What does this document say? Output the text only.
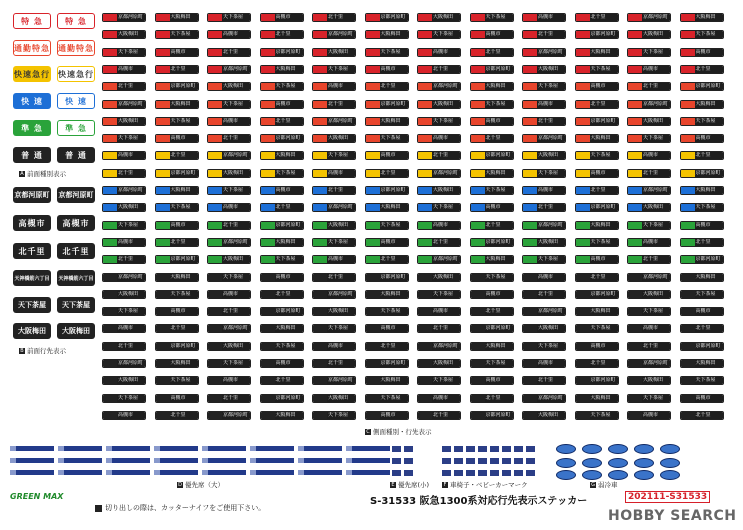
特 急	特 急
通勤特急 通勤特急
快速急行 快速急行
快 速	快 速
準 急	準 急
普 通	普 通
A 前面種別表示
京都河原町 京都河原町
高槻市	高槻市
北千里	北千里
天神橋筋六丁目	天神橋筋六丁目
天下茶屋	天下茶屋
大阪梅田	大阪梅田
B 前面行先表示
京都河原町	大阪梅田	天下茶屋	高槻市	北千里	京都河原町	大阪梅田	天下茶屋	高槻市	北千里	京都河原町	大阪梅田
大阪梅田	天下茶屋	高槻市	北千里	京都河原町	大阪梅田	天下茶屋	高槻市	北千里	京都河原町	大阪梅田	天下茶屋
天下茶屋	高槻市	北千里	京都河原町	大阪梅田	天下茶屋	高槻市	北千里	京都河原町	大阪梅田	天下茶屋	高槻市
高槻市	北千里	京都河原町	大阪梅田	天下茶屋	高槻市	北千里	京都河原町	大阪梅田	天下茶屋	高槻市	北千里
北千里	京都河原町	大阪梅田	天下茶屋	高槻市	北千里	京都河原町	大阪梅田	天下茶屋	高槻市	北千里	京都河原町
京都河原町	大阪梅田	天下茶屋	高槻市	北千里	京都河原町	大阪梅田	天下茶屋	高槻市	北千里	京都河原町	大阪梅田
大阪梅田	天下茶屋	高槻市	北千里	京都河原町	大阪梅田	天下茶屋	高槻市	北千里	京都河原町	大阪梅田	天下茶屋
天下茶屋	高槻市	北千里	京都河原町	大阪梅田	天下茶屋	高槻市	北千里	京都河原町	大阪梅田	天下茶屋	高槻市
高槻市	北千里	京都河原町	大阪梅田	天下茶屋	高槻市	北千里	京都河原町	大阪梅田	天下茶屋	高槻市	北千里
北千里	京都河原町	大阪梅田	天下茶屋	高槻市	北千里	京都河原町	大阪梅田	天下茶屋	高槻市	北千里	京都河原町
京都河原町	大阪梅田	天下茶屋	高槻市	北千里	京都河原町	大阪梅田	天下茶屋	高槻市	北千里	京都河原町	大阪梅田
大阪梅田	天下茶屋	高槻市	北千里	京都河原町	大阪梅田	天下茶屋	高槻市	北千里	京都河原町	大阪梅田	天下茶屋
天下茶屋	高槻市	北千里	京都河原町	大阪梅田	天下茶屋	高槻市	北千里	京都河原町	大阪梅田	天下茶屋	高槻市
高槻市	北千里	京都河原町	大阪梅田	天下茶屋	高槻市	北千里	京都河原町	大阪梅田	天下茶屋	高槻市	北千里
北千里	京都河原町	大阪梅田	天下茶屋	高槻市	北千里	京都河原町	大阪梅田	天下茶屋	高槻市	北千里	京都河原町
京都河原町	大阪梅田	天下茶屋	高槻市	北千里	京都河原町	大阪梅田	天下茶屋	高槻市	北千里	京都河原町	大阪梅田
大阪梅田	天下茶屋	高槻市	北千里	京都河原町	大阪梅田	天下茶屋	高槻市	北千里	京都河原町	大阪梅田	天下茶屋
天下茶屋	高槻市	北千里	京都河原町	大阪梅田	天下茶屋	高槻市	北千里	京都河原町	大阪梅田	天下茶屋	高槻市
高槻市	北千里	京都河原町	大阪梅田	天下茶屋	高槻市	北千里	京都河原町	大阪梅田	天下茶屋	高槻市	北千里
北千里	京都河原町	大阪梅田	天下茶屋	高槻市	北千里	京都河原町	大阪梅田	天下茶屋	高槻市	北千里	京都河原町
京都河原町	大阪梅田	天下茶屋	高槻市	北千里	京都河原町	大阪梅田	天下茶屋	高槻市	北千里	京都河原町	大阪梅田
大阪梅田	天下茶屋	高槻市	北千里	京都河原町	大阪梅田	天下茶屋	高槻市	北千里	京都河原町	大阪梅田	天下茶屋
天下茶屋	高槻市	北千里	京都河原町	大阪梅田	天下茶屋	高槻市	北千里	京都河原町	大阪梅田	天下茶屋	高槻市
高槻市	北千里	京都河原町	大阪梅田	天下茶屋	高槻市	北千里	京都河原町	大阪梅田	天下茶屋	高槻市	北千里
C 側面種別・行先表示
D 優先席（大）	E 優先席(小)	F 車椅子・ベビーカーマーク	G 弱冷車
GREEN MAX
切り出しの際は、カッターナイフをご使用下さい。
S-31533 阪急1300系対応行先表示ステッカー	202111-S31533
HOBBY SEARCH
